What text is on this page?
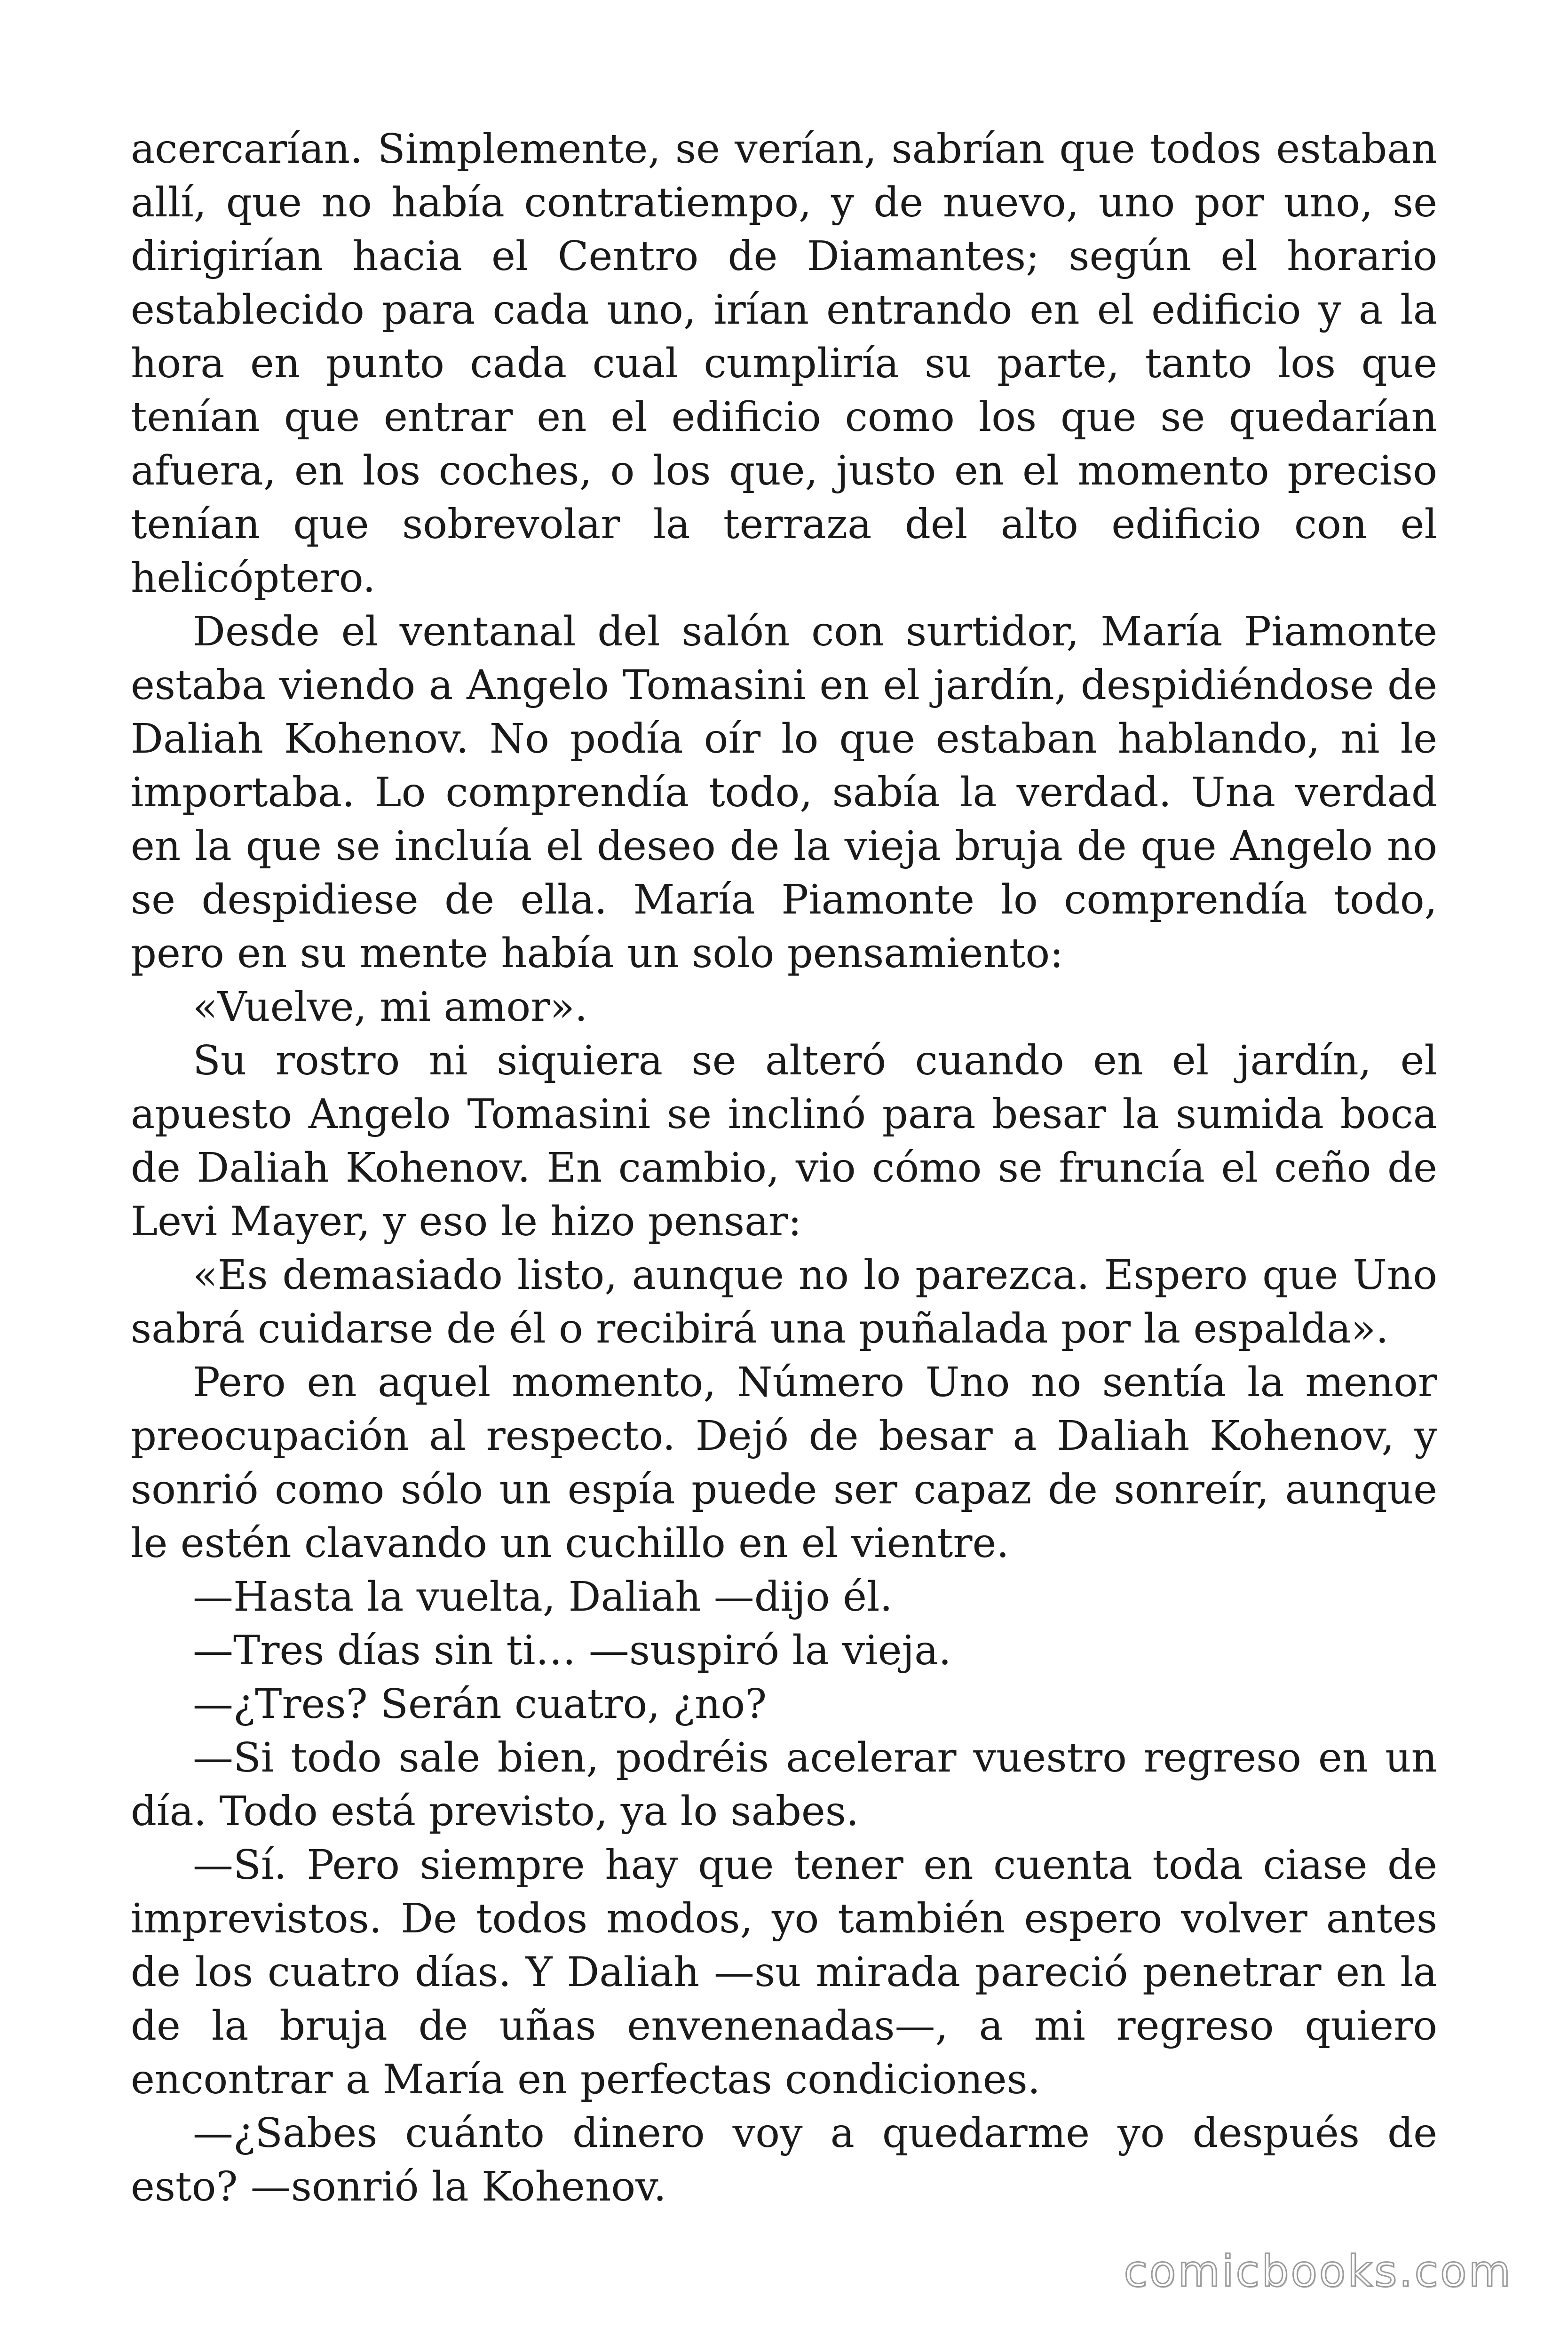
acercarían. Simplemente, se verían, sabrían que todos estaban allí, que no había contratiempo, y de nuevo, uno por uno, se dirigirían hacia el Centro de Diamantes; según el horario establecido para cada uno, irían entrando en el edificio y a la hora en punto cada cual cumpliría su parte, tanto los que tenían que entrar en el edificio como los que se quedarían afuera, en los coches, o los que, justo en el momento preciso tenían que sobrevolar la terraza del alto edificio con el helicóptero.

Desde el ventanal del salón con surtidor, María Piamonte estaba viendo a Angelo Tomasini en el jardín, despidiéndose de Daliah Kohenov. No podía oír lo que estaban hablando, ni le importaba. Lo comprendía todo, sabía la verdad. Una verdad en la que se incluía el deseo de la vieja bruja de que Angelo no se despidiese de ella. María Piamonte lo comprendía todo, pero en su mente había un solo pensamiento:

«Vuelve, mi amor».

Su rostro ni siquiera se alteró cuando en el jardín, el apuesto Angelo Tomasini se inclinó para besar la sumida boca de Daliah Kohenov. En cambio, vio cómo se fruncía el ceño de Levi Mayer, y eso le hizo pensar:

«Es demasiado listo, aunque no lo parezca. Espero que Uno sabrá cuidarse de él o recibirá una puñalada por la espalda».

Pero en aquel momento, Número Uno no sentía la menor preocupación al respecto. Dejó de besar a Daliah Kohenov, y sonrió como sólo un espía puede ser capaz de sonreír, aunque le estén clavando un cuchillo en el vientre.

—Hasta la vuelta, Daliah —dijo él.

—Tres días sin ti… —suspiró la vieja.

—¿Tres? Serán cuatro, ¿no?

—Si todo sale bien, podréis acelerar vuestro regreso en un día. Todo está previsto, ya lo sabes.

—Sí. Pero siempre hay que tener en cuenta toda ciase de imprevistos. De todos modos, yo también espero volver antes de los cuatro días. Y Daliah —su mirada pareció penetrar en la de la bruja de uñas envenenadas—, a mi regreso quiero encontrar a María en perfectas condiciones.

—¿Sabes cuánto dinero voy a quedarme yo después de esto? —sonrió la Kohenov.

comicbooks.com
